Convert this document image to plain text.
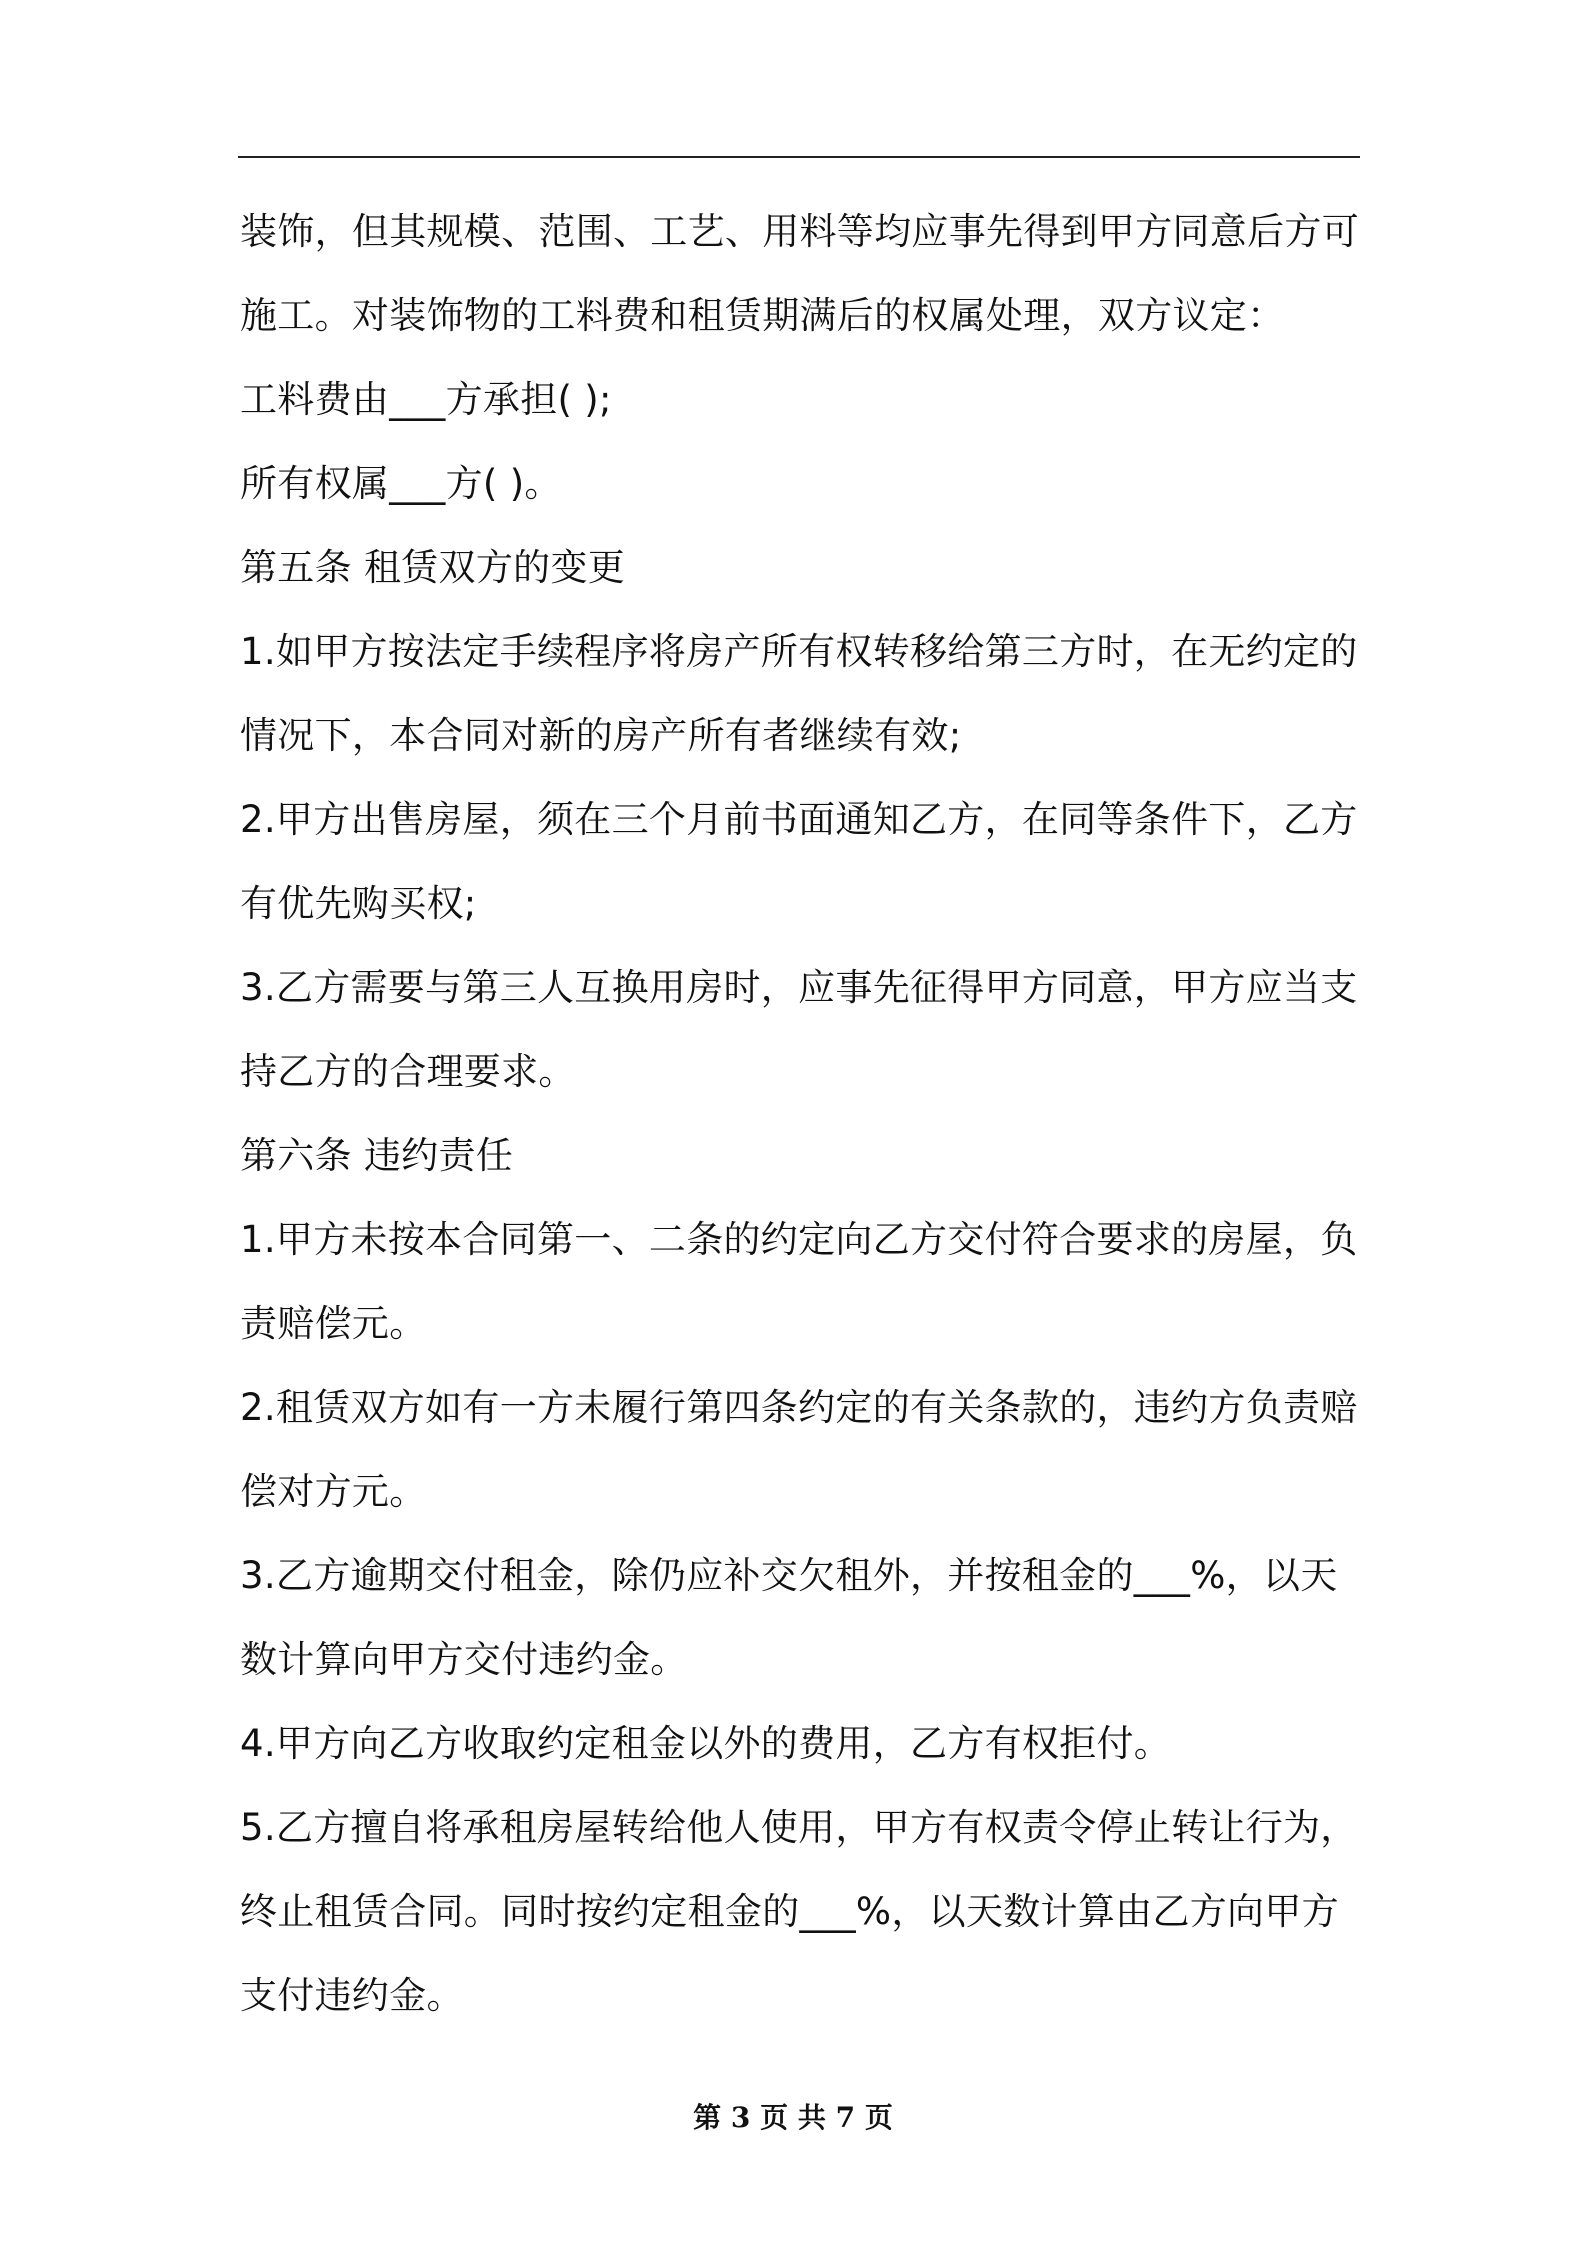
装饰，但其规模、范围、工艺、用料等均应事先得到甲方同意后方可
施工。对装饰物的工料费和租赁期满后的权属处理，双方议定：
工料费由___方承担( );
所有权属___方( )。
第五条 租赁双方的变更
1.如甲方按法定手续程序将房产所有权转移给第三方时，在无约定的
情况下，本合同对新的房产所有者继续有效;
2.甲方出售房屋，须在三个月前书面通知乙方，在同等条件下，乙方
有优先购买权;
3.乙方需要与第三人互换用房时，应事先征得甲方同意，甲方应当支
持乙方的合理要求。
第六条 违约责任
1.甲方未按本合同第一、二条的约定向乙方交付符合要求的房屋，负
责赔偿元。
2.租赁双方如有一方未履行第四条约定的有关条款的，违约方负责赔
偿对方元。
3.乙方逾期交付租金，除仍应补交欠租外，并按租金的___%，以天
数计算向甲方交付违约金。
4.甲方向乙方收取约定租金以外的费用，乙方有权拒付。
5.乙方擅自将承租房屋转给他人使用，甲方有权责令停止转让行为，
终止租赁合同。同时按约定租金的___%，以天数计算由乙方向甲方
支付违约金。
第 3 页 共 7 页
